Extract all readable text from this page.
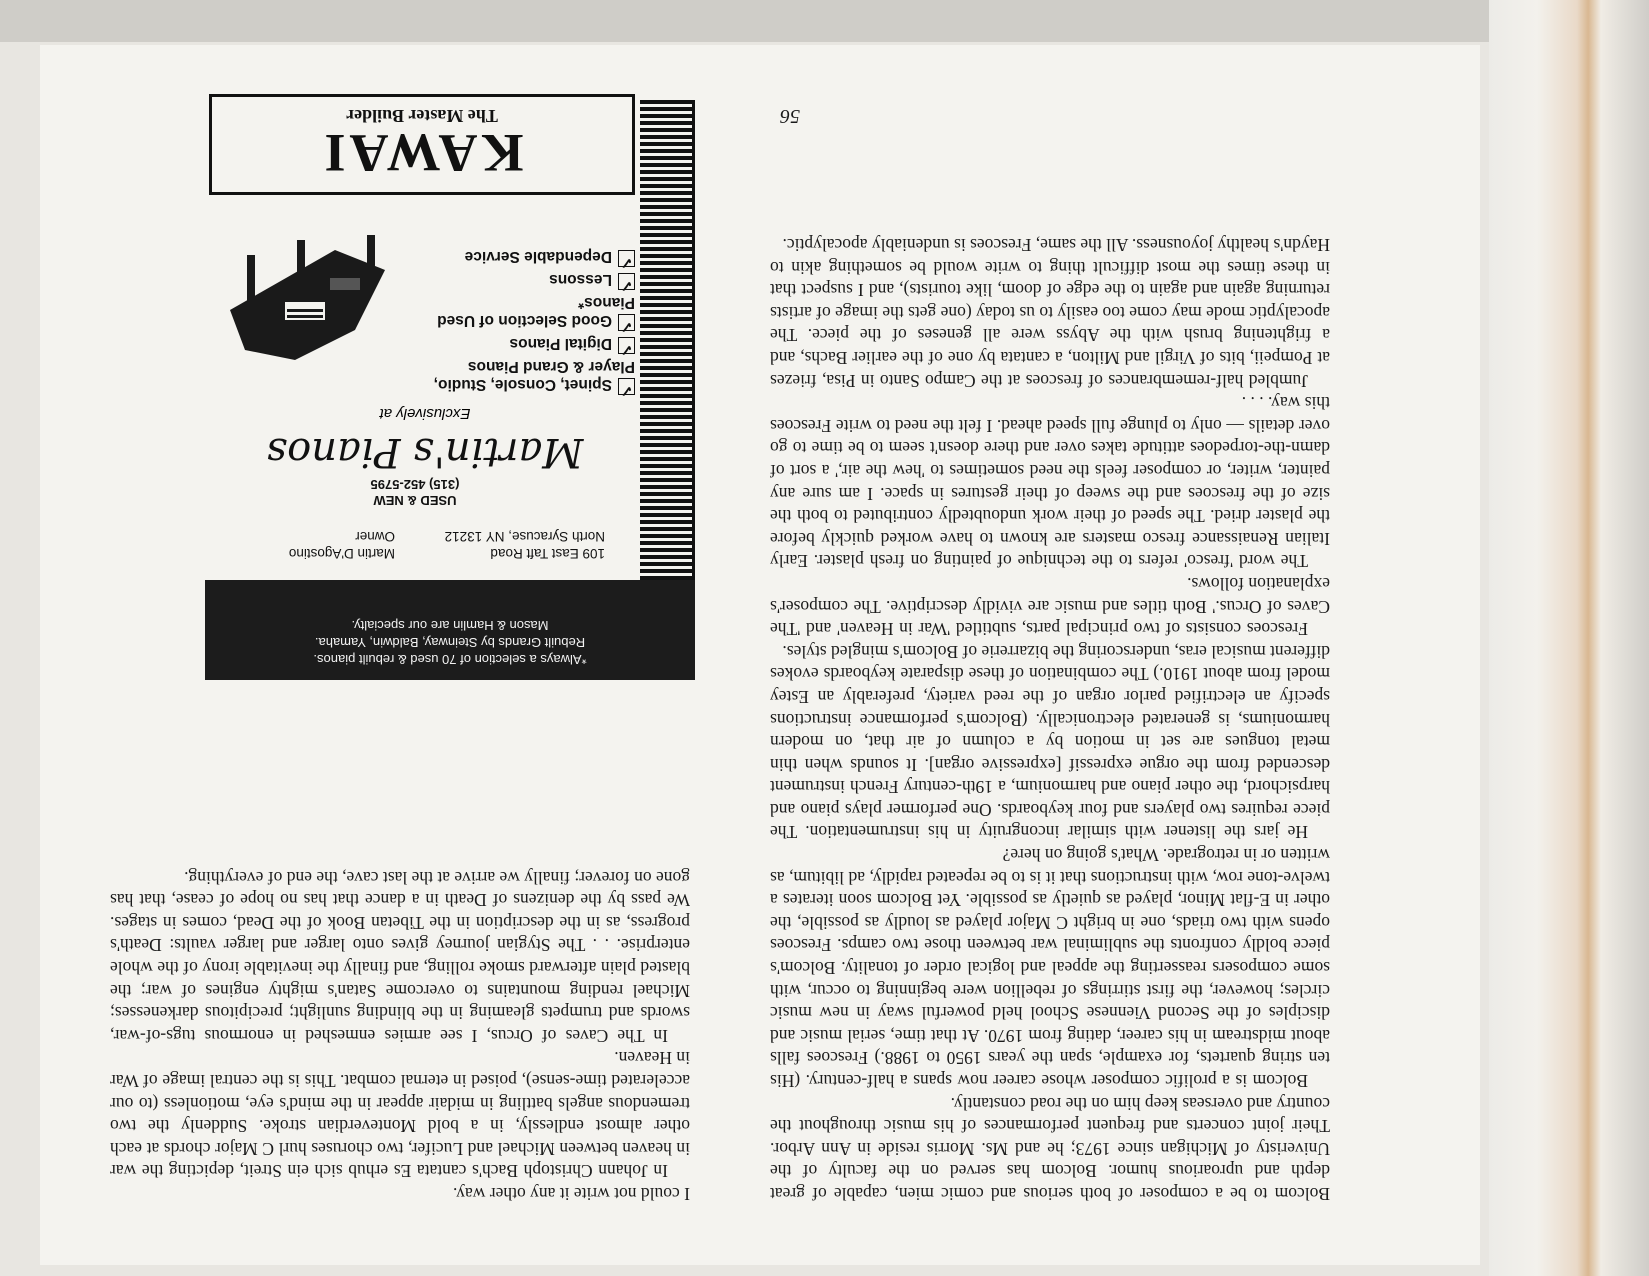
Bolcom to be a composer of both serious and comic mien, capable of great depth and uproarious humor. Bolcom has served on the faculty of the Univeristy of Michigan since 1973; he and Ms. Morris reside in Ann Arbor. Their joint concerts and frequent performances of his music throughout the country and overseas keep him on the road constantly.

Bolcom is a prolific composer whose career now spans a half-century. (His ten string quartets, for example, span the years 1950 to 1988.) Frescoes falls about midstream in his career, dating from 1970. At that time, serial music and disciples of the Second Viennese School held powerful sway in new music circles; however, the first stirrings of rebellion were beginning to occur, with some composers reasserting the appeal and logical order of tonality. Bolcom's piece boldly confronts the subliminal war between those two camps. Frescoes opens with two triads, one in bright C Major played as loudly as possible, the other in E-flat Minor, played as quietly as possible. Yet Bolcom soon iterates a twelve-tone row, with instructions that it is to be repeated rapidly, ad libitum, as written or in retrograde. What's going on here?

He jars the listener with similar incongruity in his instrumentation. The piece requires two players and four keyboards. One performer plays piano and harpsichord, the other piano and harmonium, a 19th-century French instrument descended from the orgue expressif [expressive organ]. It sounds when thin metal tongues are set in motion by a column of air that, on modern harmoniums, is generated electronically. (Bolcom's performance instructions specify an electrified parlor organ of the reed variety, preferably an Estey model from about 1910.) The combination of these disparate keyboards evokes different musical eras, underscoring the bizarrerie of Bolcom's mingled styles.

Frescoes consists of two principal parts, subtitled 'War in Heaven' and 'The Caves of Orcus.' Both titles and music are vividly descriptive. The composer's explanation follows.

The word 'fresco' refers to the technique of painting on fresh plaster. Early Italian Renaissance fresco masters are known to have worked quickly before the plaster dried. The speed of their work undoubtedly contributed to both the size of the frescoes and the sweep of their gestures in space. I am sure any painter, writer, or composer feels the need sometimes to 'hew the air,' a sort of damn-the-torpedoes attitude takes over and there doesn't seem to be time to go over details — only to plunge full speed ahead. I felt the need to write Frescoes this way. . . .

Jumbled half-remembrances of frescoes at the Campo Santo in Pisa, friezes at Pompeii, bits of Virgil and Milton, a cantata by one of the earlier Bachs, and a frightening brush with the Abyss were all geneses of the piece. The apocalyptic mode may come too easily to us today (one gets the image of artists returning again and again to the edge of doom, like tourists), and I suspect that in these times the most difficult thing to write would be something akin to Haydn's healthy joyousness. All the same, Frescoes is undeniably apocalyptic.

I could not write it any other way.

In Johann Christoph Bach's cantata Es erhub sich ein Streit, depicting the war in heaven between Michael and Lucifer, two choruses hurl C Major chords at each other almost endlessly, in a bold Monteverdian stroke. Suddenly the two tremendous angels battling in midair appear in the mind's eye, motionless (to our accelerated time-sense), poised in eternal combat. This is the central image of War in Heaven.

In The Caves of Orcus, I see armies enmeshed in enormous tugs-of-war, swords and trumpets gleaming in the blinding sunlight; precipitous darkenesses; Michael rending mountains to overcome Satan's mighty engines of war; the blasted plain afterward smoke rolling, and finally the inevitable irony of the whole enterprise. . . The Stygian journey gives onto larger and larger vaults: Death's progress, as in the description in the Tibetan Book of the Dead, comes in stages. We pass by the denizens of Death in a dance that has no hope of cease, that has gone on forever; finally we arrive at the last cave, the end of everything.

*Always a selection of 70 used & rebuilt pianos.
Rebuilt Grands by Steinway, Baldwin, Yamaha.
Mason & Hamlin are our specialty.
109 East Taft Road
North Syracuse, NY 13212
Martin D'Agostino
Owner
USED & NEW
(315) 452-5795
Martin's Pianos
Exclusively at
✓Spinet, Console, Studio, Player & Grand Pianos
✓Digital Pianos
✓Good Selection of Used Pianos*
✓Lessons
✓Dependable Service
KAWAI
The Master Builder	56
